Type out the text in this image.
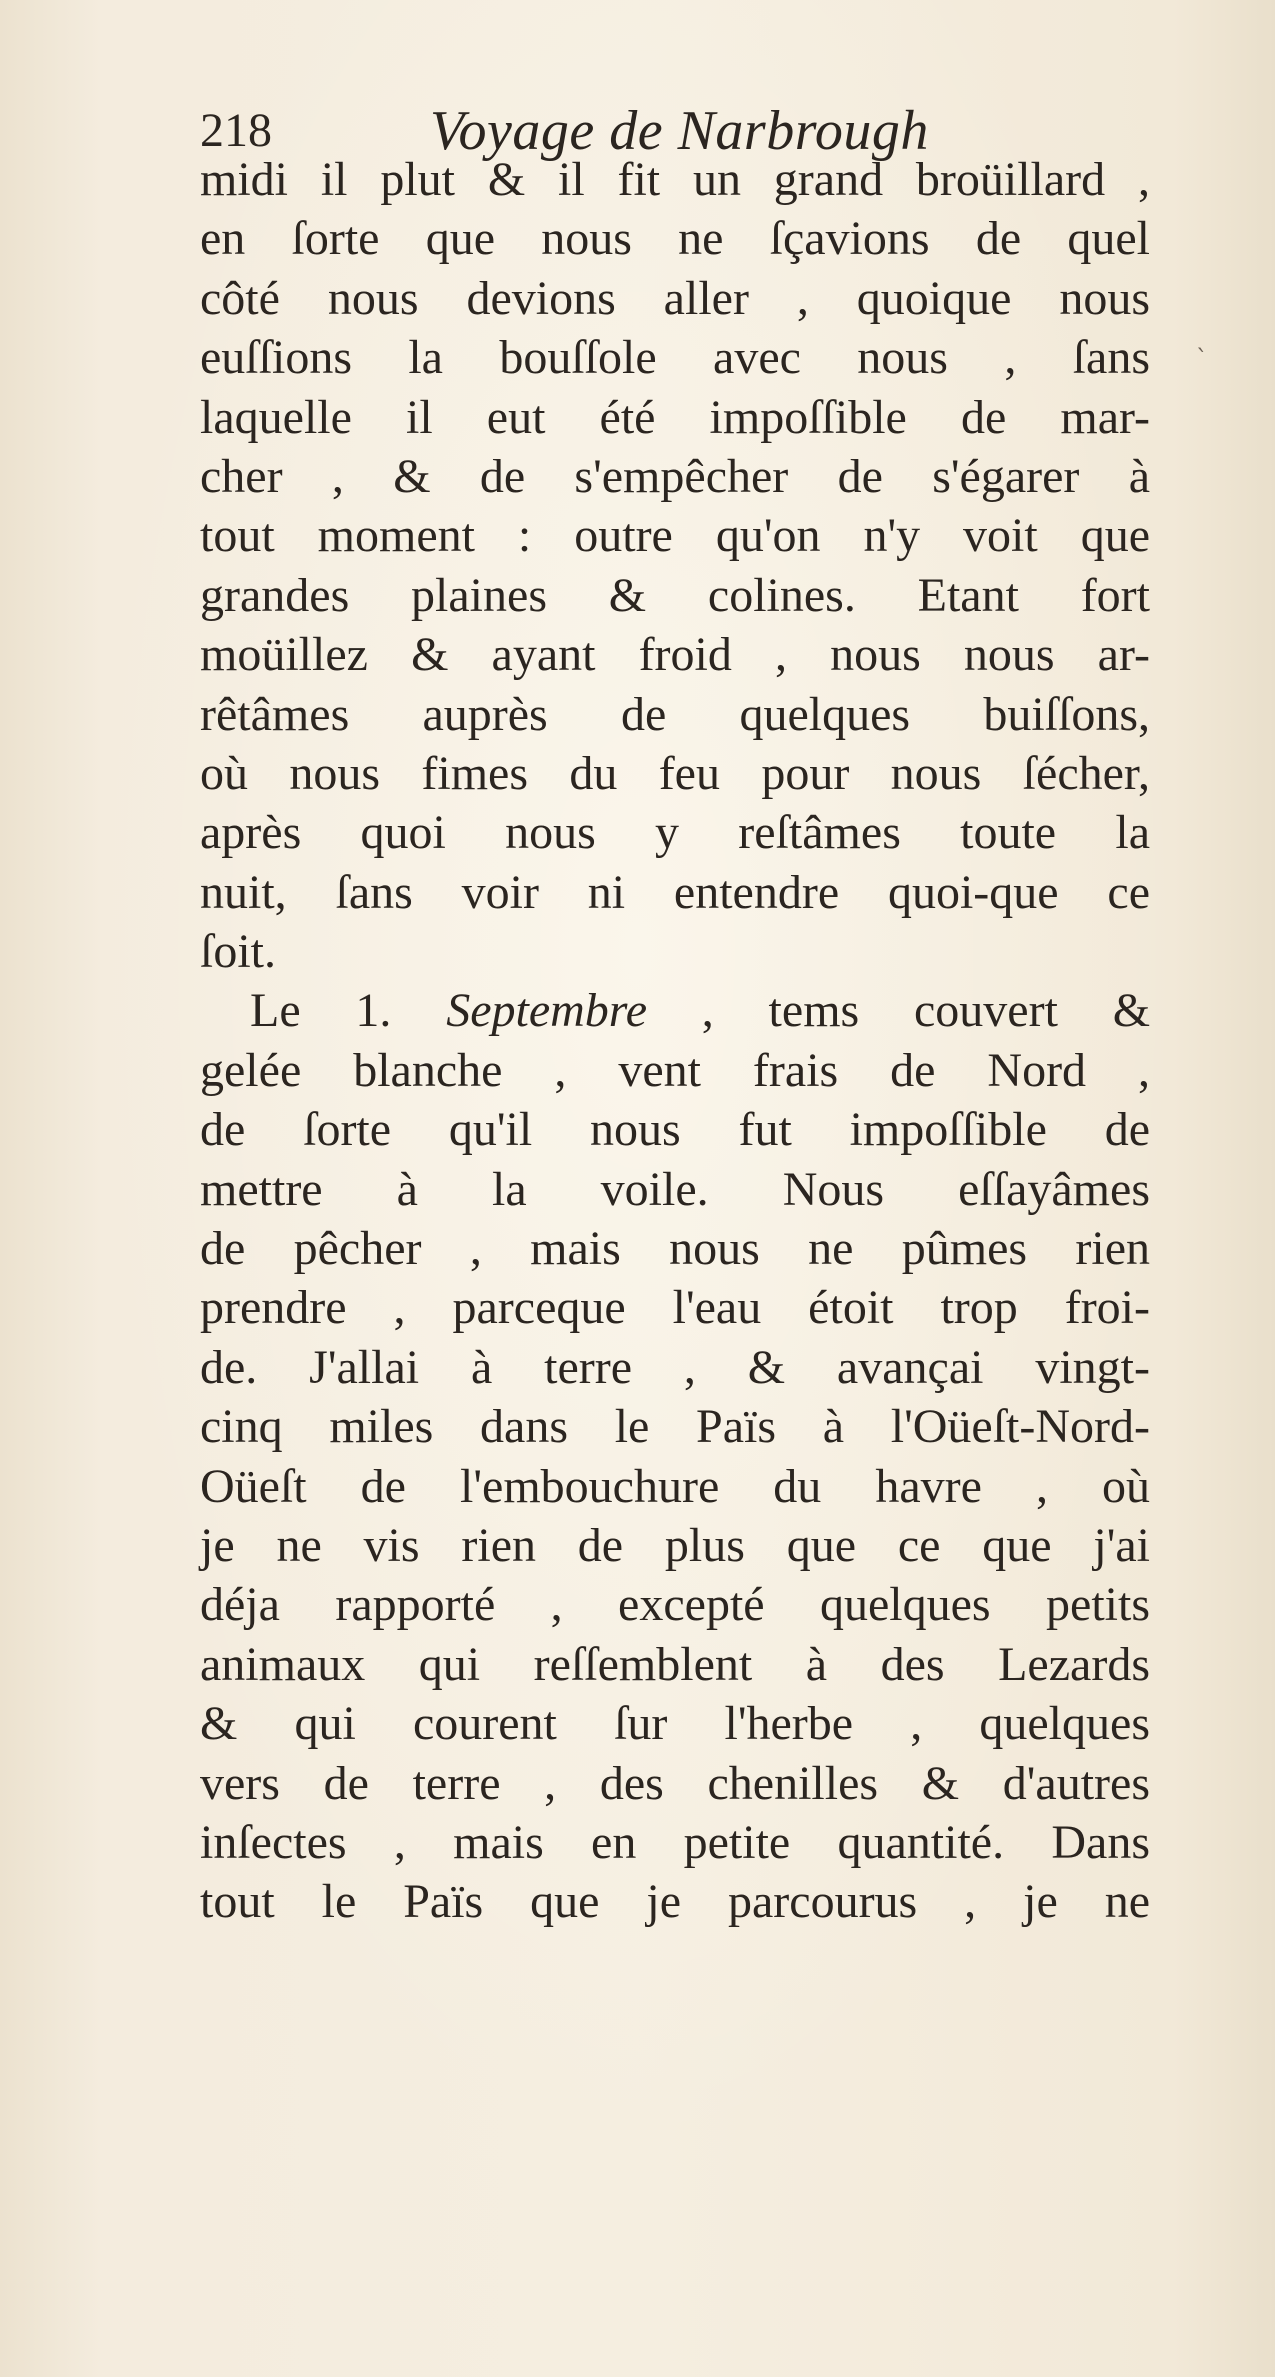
218	Voyage de Narbrough
midi il plut & il fit un grand broüillard ,
en ſorte que nous ne ſçavions de quel
côté nous devions aller , quoique nous
euſſions la bouſſole avec nous , ſans
laquelle il eut été impoſſible de mar-
cher , & de s'empêcher de s'égarer à
tout moment : outre qu'on n'y voit que
grandes plaines & colines. Etant fort
moüillez & ayant froid , nous nous ar-
rêtâmes auprès de quelques buiſſons,
où nous fimes du feu pour nous ſécher,
après quoi nous y reſtâmes toute la
nuit, ſans voir ni entendre quoi-que ce
ſoit.
Le 1. Septembre , tems couvert &
gelée blanche , vent frais de Nord ,
de ſorte qu'il nous fut impoſſible de
mettre à la voile. Nous eſſayâmes
de pêcher , mais nous ne pûmes rien
prendre , parceque l'eau étoit trop froi-
de. J'allai à terre , & avançai vingt-
cinq miles dans le Païs à l'Oüeſt-Nord-
Oüeſt de l'embouchure du havre , où
je ne vis rien de plus que ce que j'ai
déja rapporté , excepté quelques petits
animaux qui reſſemblent à des Lezards
& qui courent ſur l'herbe , quelques
vers de terre , des chenilles & d'autres
inſectes , mais en petite quantité. Dans
tout le Païs que je parcourus , je ne
ˋ
